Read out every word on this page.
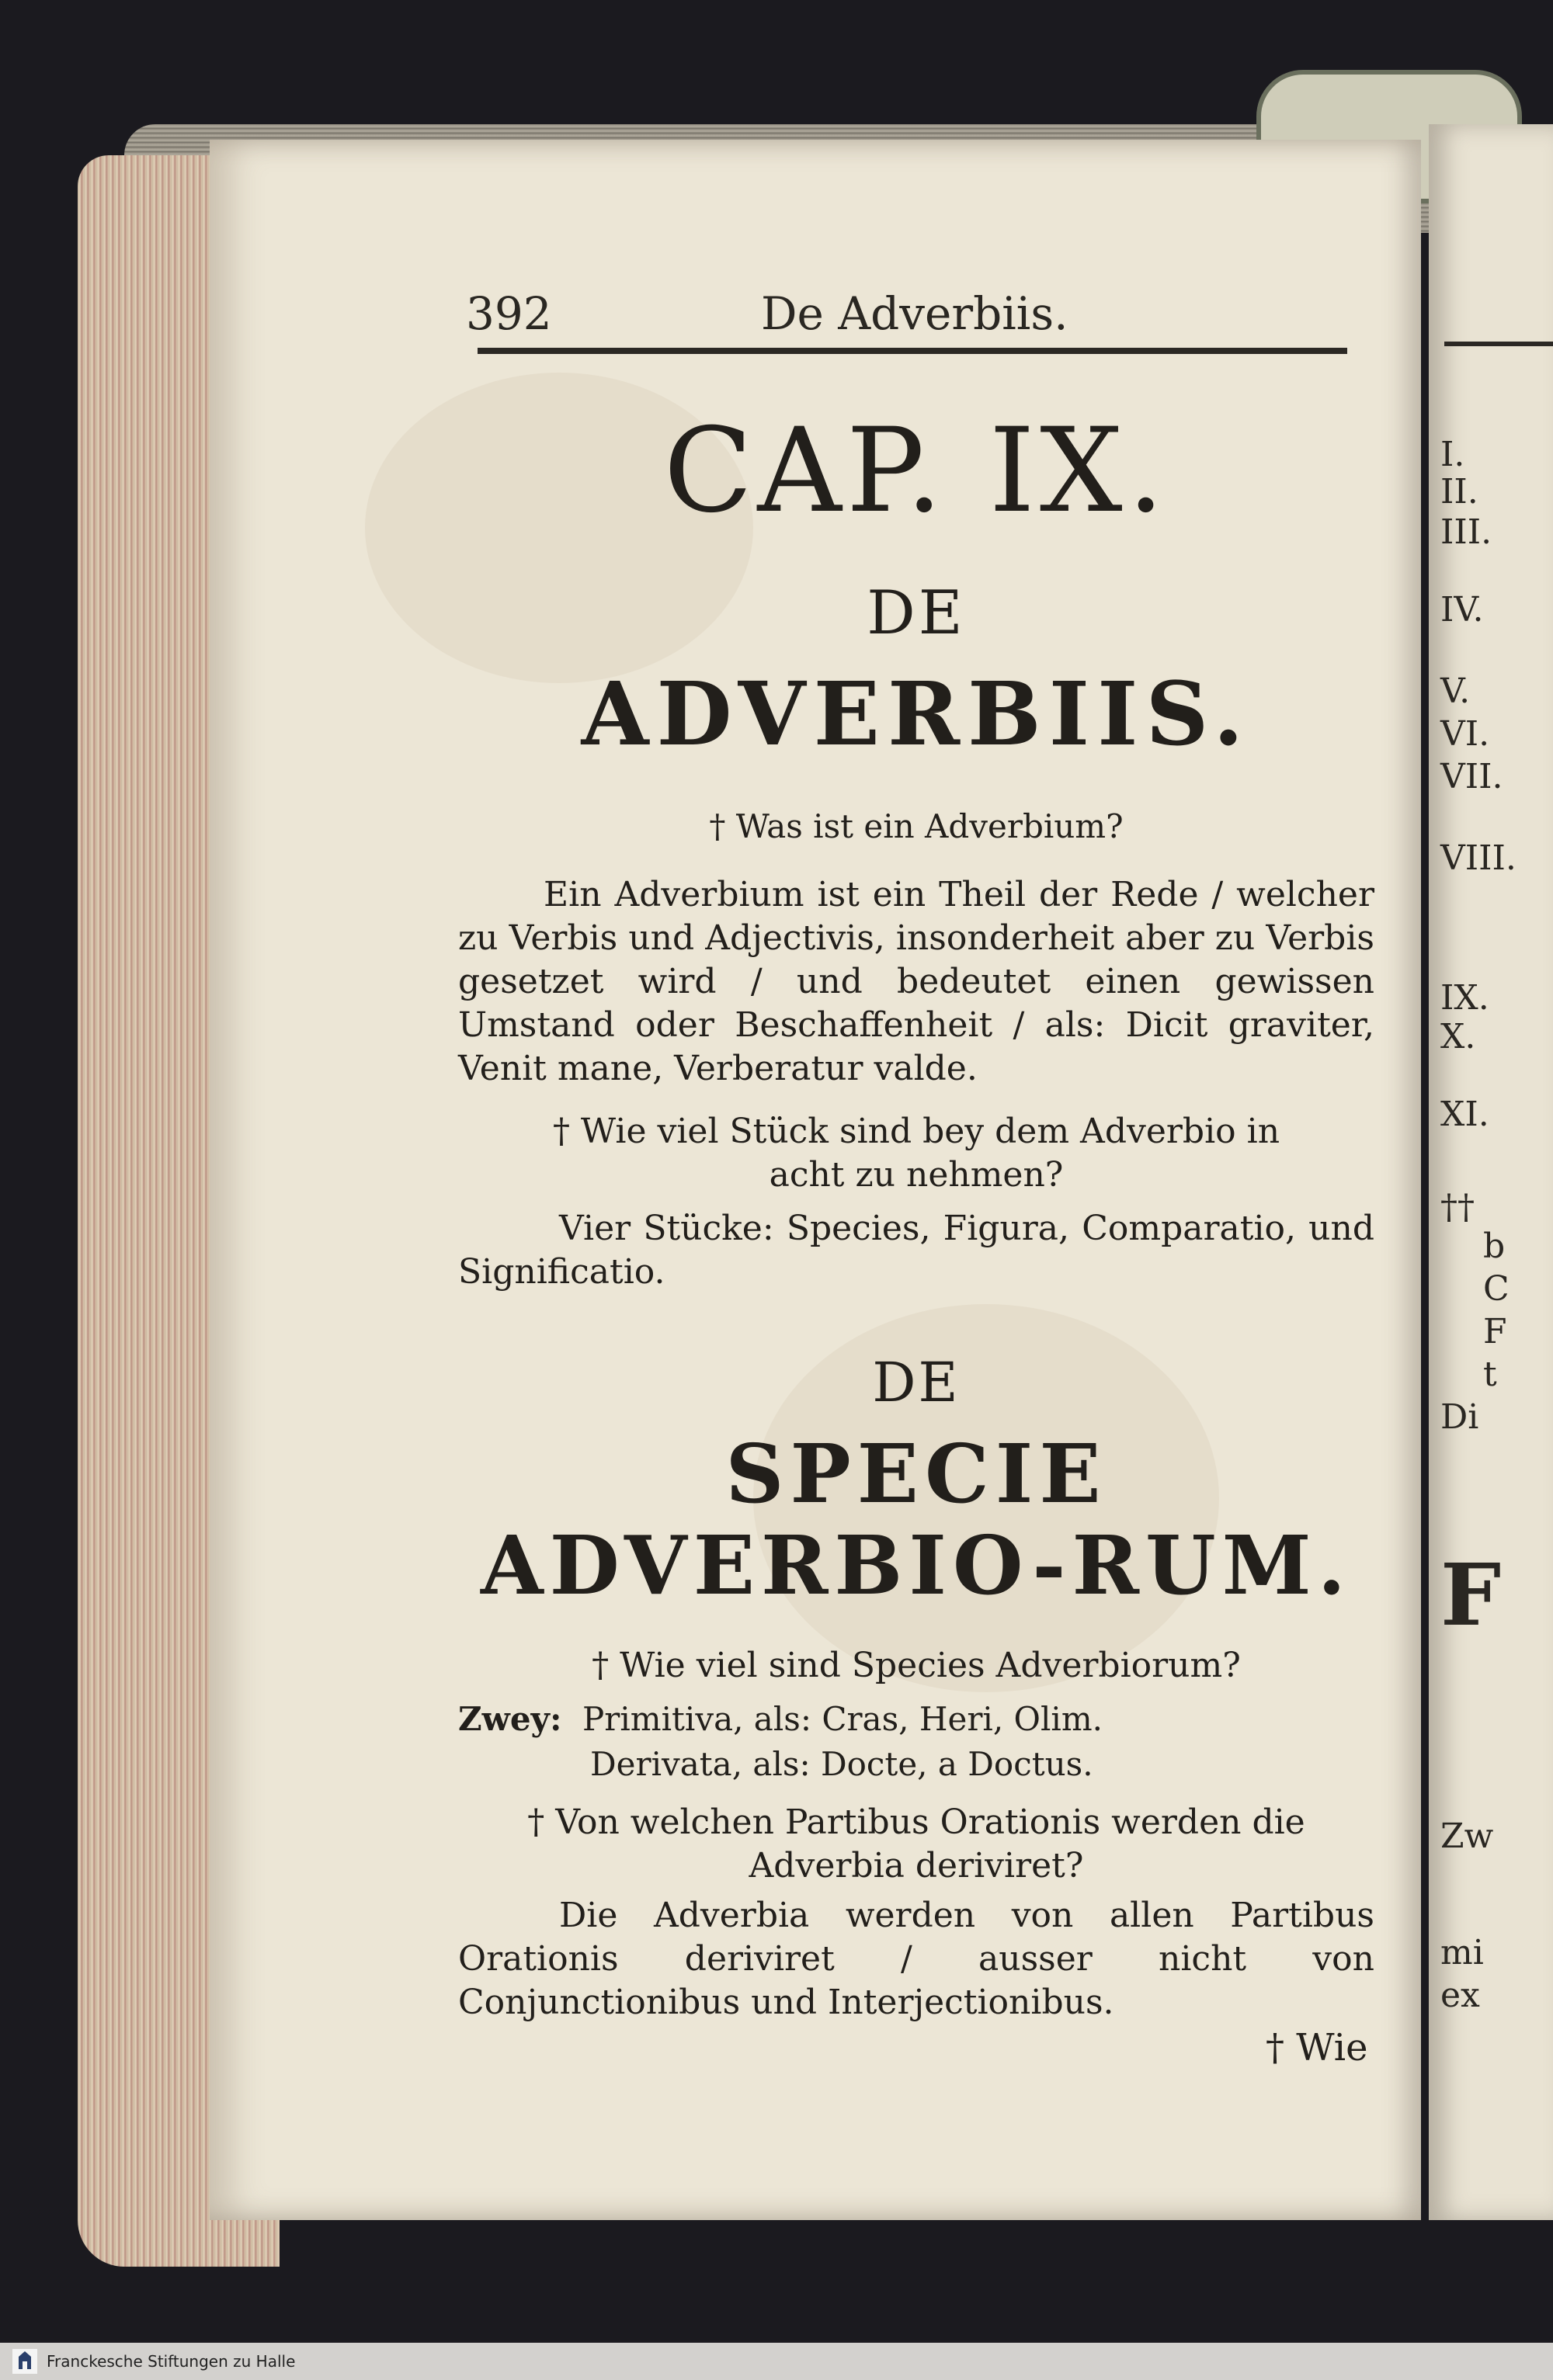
I.
II.
III.
IV.
V.
VI.
VII.
VIII.
IX.
X.
XI.
††
b
C
F
t
Di
F
Zw
mi
ex
392	De Adverbiis.
CAP. IX.
DE
ADVERBIIS.
† Was ist ein Adverbium?
Ein Adverbium ist ein Theil der Rede / welcher zu Verbis und Adjectivis, insonderheit aber zu Verbis gesetzet wird / und bedeutet einen gewissen Umstand oder Beschaffenheit / als: Dicit graviter, Venit mane, Verberatur valde.
† Wie viel Stück sind bey dem Adverbio in acht zu nehmen?
Vier Stücke: Species, Figura, Comparatio, und Significatio.
DE
SPECIE ADVERBIO-RUM.
† Wie viel sind Species Adverbiorum?
Zwey: Primitiva, als: Cras, Heri, Olim.
Derivata, als: Docte, a Doctus.
† Von welchen Partibus Orationis werden die Adverbia deriviret?
Die Adverbia werden von allen Partibus Orationis deriviret / ausser nicht von Conjunctionibus und Interjectionibus.
† Wie
Franckesche Stiftungen zu Halle
